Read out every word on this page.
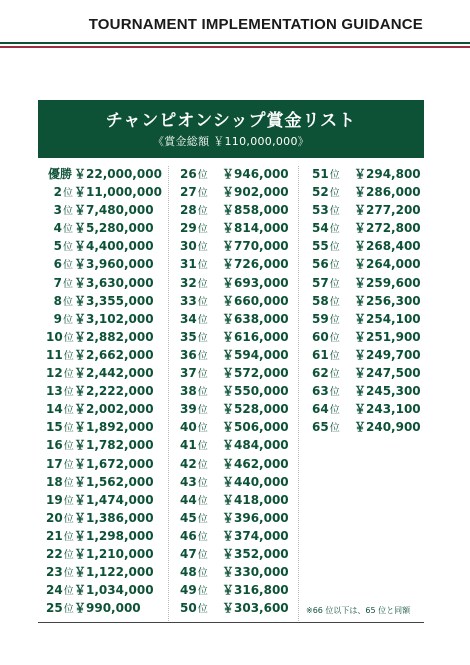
TOURNAMENT IMPLEMENTATION GUIDANCE
チャンピオンシップ賞金リスト
《賞金総額 ￥110,000,000》
優勝 ￥22,000,000
2位￥11,000,000
3位￥7,480,000
4位￥5,280,000
5位￥4,400,000
6位￥3,960,000
7位￥3,630,000
8位￥3,355,000
9位￥3,102,000
10位￥2,882,000
11位￥2,662,000
12位￥2,442,000
13位￥2,222,000
14位￥2,002,000
15位￥1,892,000
16位￥1,782,000
17位￥1,672,000
18位￥1,562,000
19位￥1,474,000
20位￥1,386,000
21位￥1,298,000
22位￥1,210,000
23位￥1,122,000
24位￥1,034,000
25位￥990,000
26位 ￥946,000
27位 ￥902,000
28位 ￥858,000
29位 ￥814,000
30位 ￥770,000
31位 ￥726,000
32位 ￥693,000
33位 ￥660,000
34位 ￥638,000
35位 ￥616,000
36位 ￥594,000
37位 ￥572,000
38位 ￥550,000
39位 ￥528,000
40位 ￥506,000
41位 ￥484,000
42位 ￥462,000
43位 ￥440,000
44位 ￥418,000
45位 ￥396,000
46位 ￥374,000
47位 ￥352,000
48位 ￥330,000
49位 ￥316,800
50位 ￥303,600
51位 ￥294,800
52位 ￥286,000
53位 ￥277,200
54位 ￥272,800
55位 ￥268,400
56位 ￥264,000
57位 ￥259,600
58位 ￥256,300
59位 ￥254,100
60位 ￥251,900
61位 ￥249,700
62位 ￥247,500
63位 ￥245,300
64位 ￥243,100
65位 ￥240,900
※66 位以下は、65 位と同額
